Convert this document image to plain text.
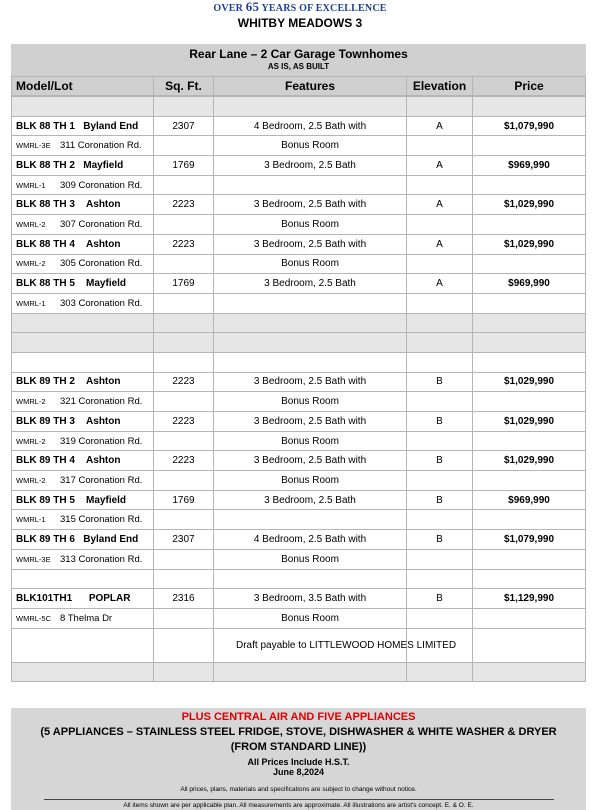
OVER 65 YEARS OF EXCELLENCE
WHITBY MEADOWS 3
Rear Lane – 2 Car Garage Townhomes
AS IS, AS BUILT
Model/Lot	Sq. Ft.	Features	Elevation	Price

BLK 88 TH 1 Byland End	2307	4 Bedroom, 2.5 Bath with	A	$1,079,990
WMRL-3E 311 Coronation Rd.		Bonus Room		
BLK 88 TH 2 Mayfield	1769	3 Bedroom, 2.5 Bath	A	$969,990
WMRL-1 309 Coronation Rd.				
BLK 88 TH 3 Ashton	2223	3 Bedroom, 2.5 Bath with	A	$1,029,990
WMRL-2 307 Coronation Rd.		Bonus Room		
BLK 88 TH 4 Ashton	2223	3 Bedroom, 2.5 Bath with	A	$1,029,990
WMRL-2 305 Coronation Rd.		Bonus Room		
BLK 88 TH 5 Mayfield	1769	3 Bedroom, 2.5 Bath	A	$969,990
WMRL-1 303 Coronation Rd.				

BLK 89 TH 2 Ashton	2223	3 Bedroom, 2.5 Bath with	B	$1,029,990
WMRL-2 321 Coronation Rd.		Bonus Room		
BLK 89 TH 3 Ashton	2223	3 Bedroom, 2.5 Bath with	B	$1,029,990
WMRL-2 319 Coronation Rd.		Bonus Room		
BLK 89 TH 4 Ashton	2223	3 Bedroom, 2.5 Bath with	B	$1,029,990
WMRL-2 317 Coronation Rd.		Bonus Room		
BLK 89 TH 5 Mayfield	1769	3 Bedroom, 2.5 Bath	B	$969,990
WMRL-1 315 Coronation Rd.				
BLK 89 TH 6 Byland End	2307	4 Bedroom, 2.5 Bath with	B	$1,079,990
WMRL-3E 313 Coronation Rd.		Bonus Room		

BLK101TH1 POPLAR	2316	3 Bedroom, 3.5 Bath with	B	$1,129,990
WMRL-5C 8 Thelma Dr		Bonus Room		
		Draft payable to LITTLEWOOD HOMES LIMITED		

PLUS CENTRAL AIR AND FIVE APPLIANCES
(5 APPLIANCES – STAINLESS STEEL FRIDGE, STOVE, DISHWASHER & WHITE WASHER & DRYER (FROM STANDARD LINE))
All Prices Include H.S.T.
June 8,2024
All prices, plans, materials and specifications are subject to change without notice.
All items shown are per applicable plan. All measurements are approximate. All illustrations are artist's concept. E. & O. E.
